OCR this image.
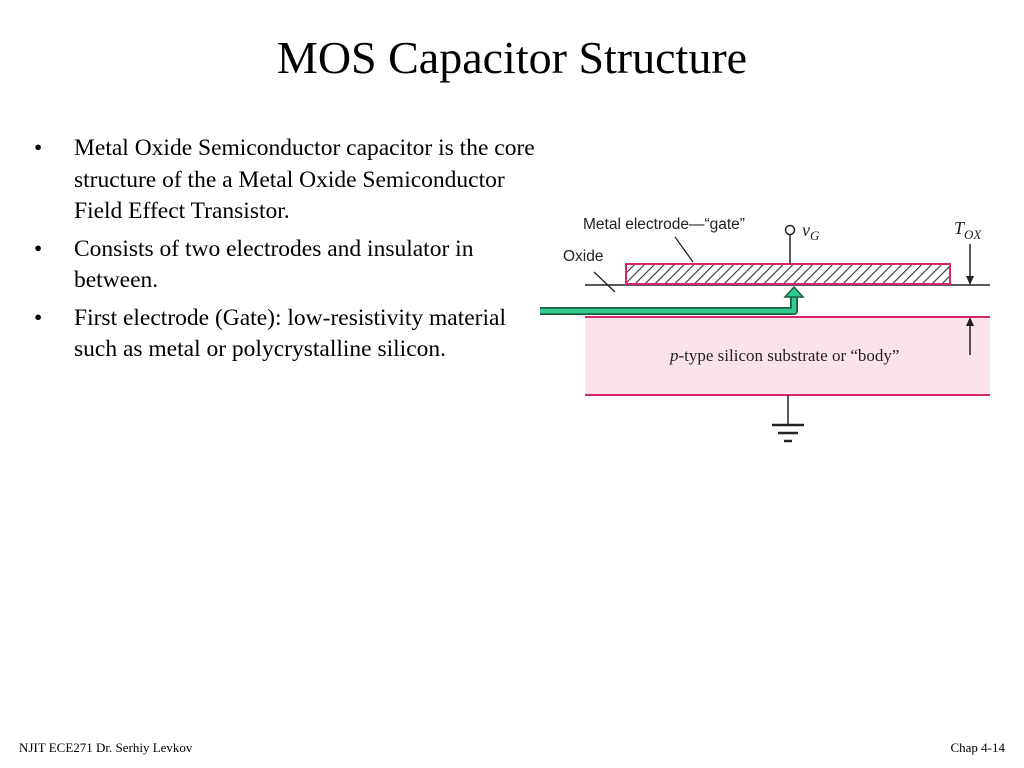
MOS Capacitor Structure
• Metal Oxide Semiconductor capacitor is the core structure of the a Metal Oxide Semiconductor Field Effect Transistor.
• Consists of two electrodes and insulator in between.
• First electrode (Gate): low-resistivity material such as metal or polycrystalline silicon.
$v_G$
Metal electrode—“gate”
Oxide
$T_{OX}$
p-type silicon substrate or “body”
NJIT ECE271 Dr. Serhiy Levkov	Chap 4-14
